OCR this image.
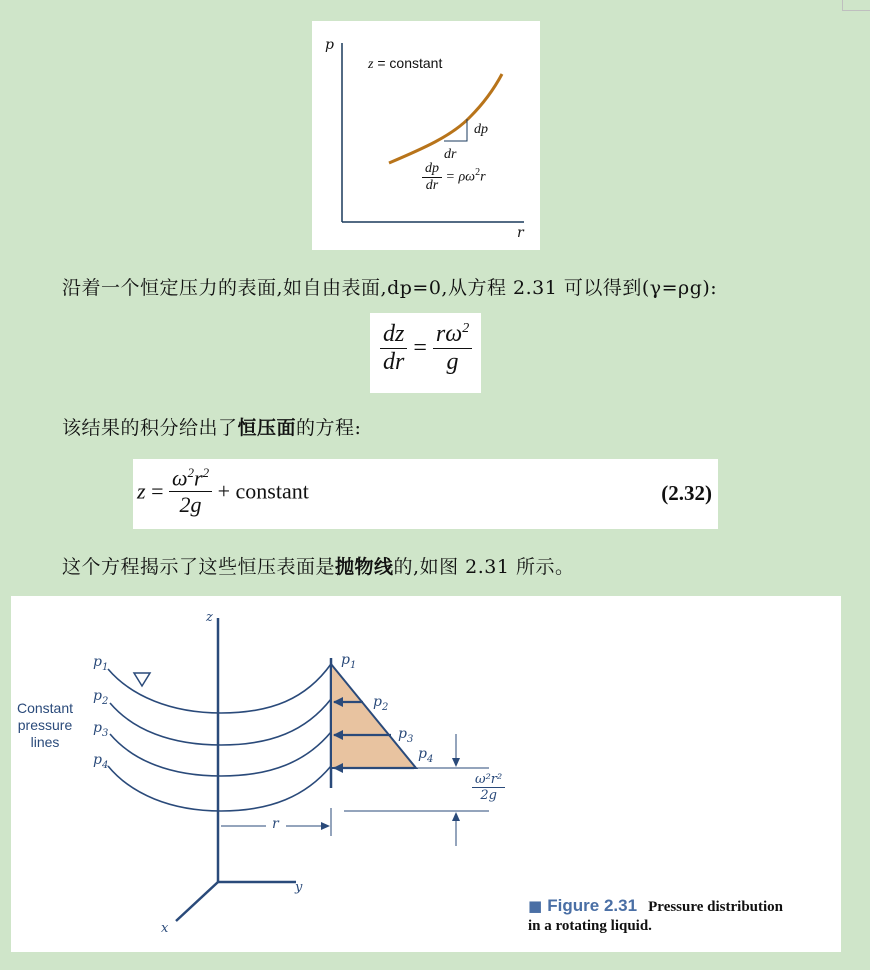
p
r
z = constant
dp
dr
$\frac{dp}{dr} = \rho\omega^2r$
沿着一个恒定压力的表面,如自由表面,dp=0,从方程 2.31 可以得到(γ=ρg):
$\frac{dz}{dr} = \frac{r\omega^2}{g}$
该结果的积分给出了恒压面的方程:
$z = \frac{\omega^2r^2}{2g}$ + constant	(2.32)
这个方程揭示了这些恒压表面是抛物线的,如图 2.31 所示。
z
y
x
$p_1$
$p_2$
$p_3$
$p_4$
$p_1$
$p_2$
$p_3$
$p_4$
Constant
pressure
lines
r
$\frac{\text{ω²r²}}{2g}$
■ Figure 2.31 Pressure distribution
in a rotating liquid.	知乎 @晰锋
